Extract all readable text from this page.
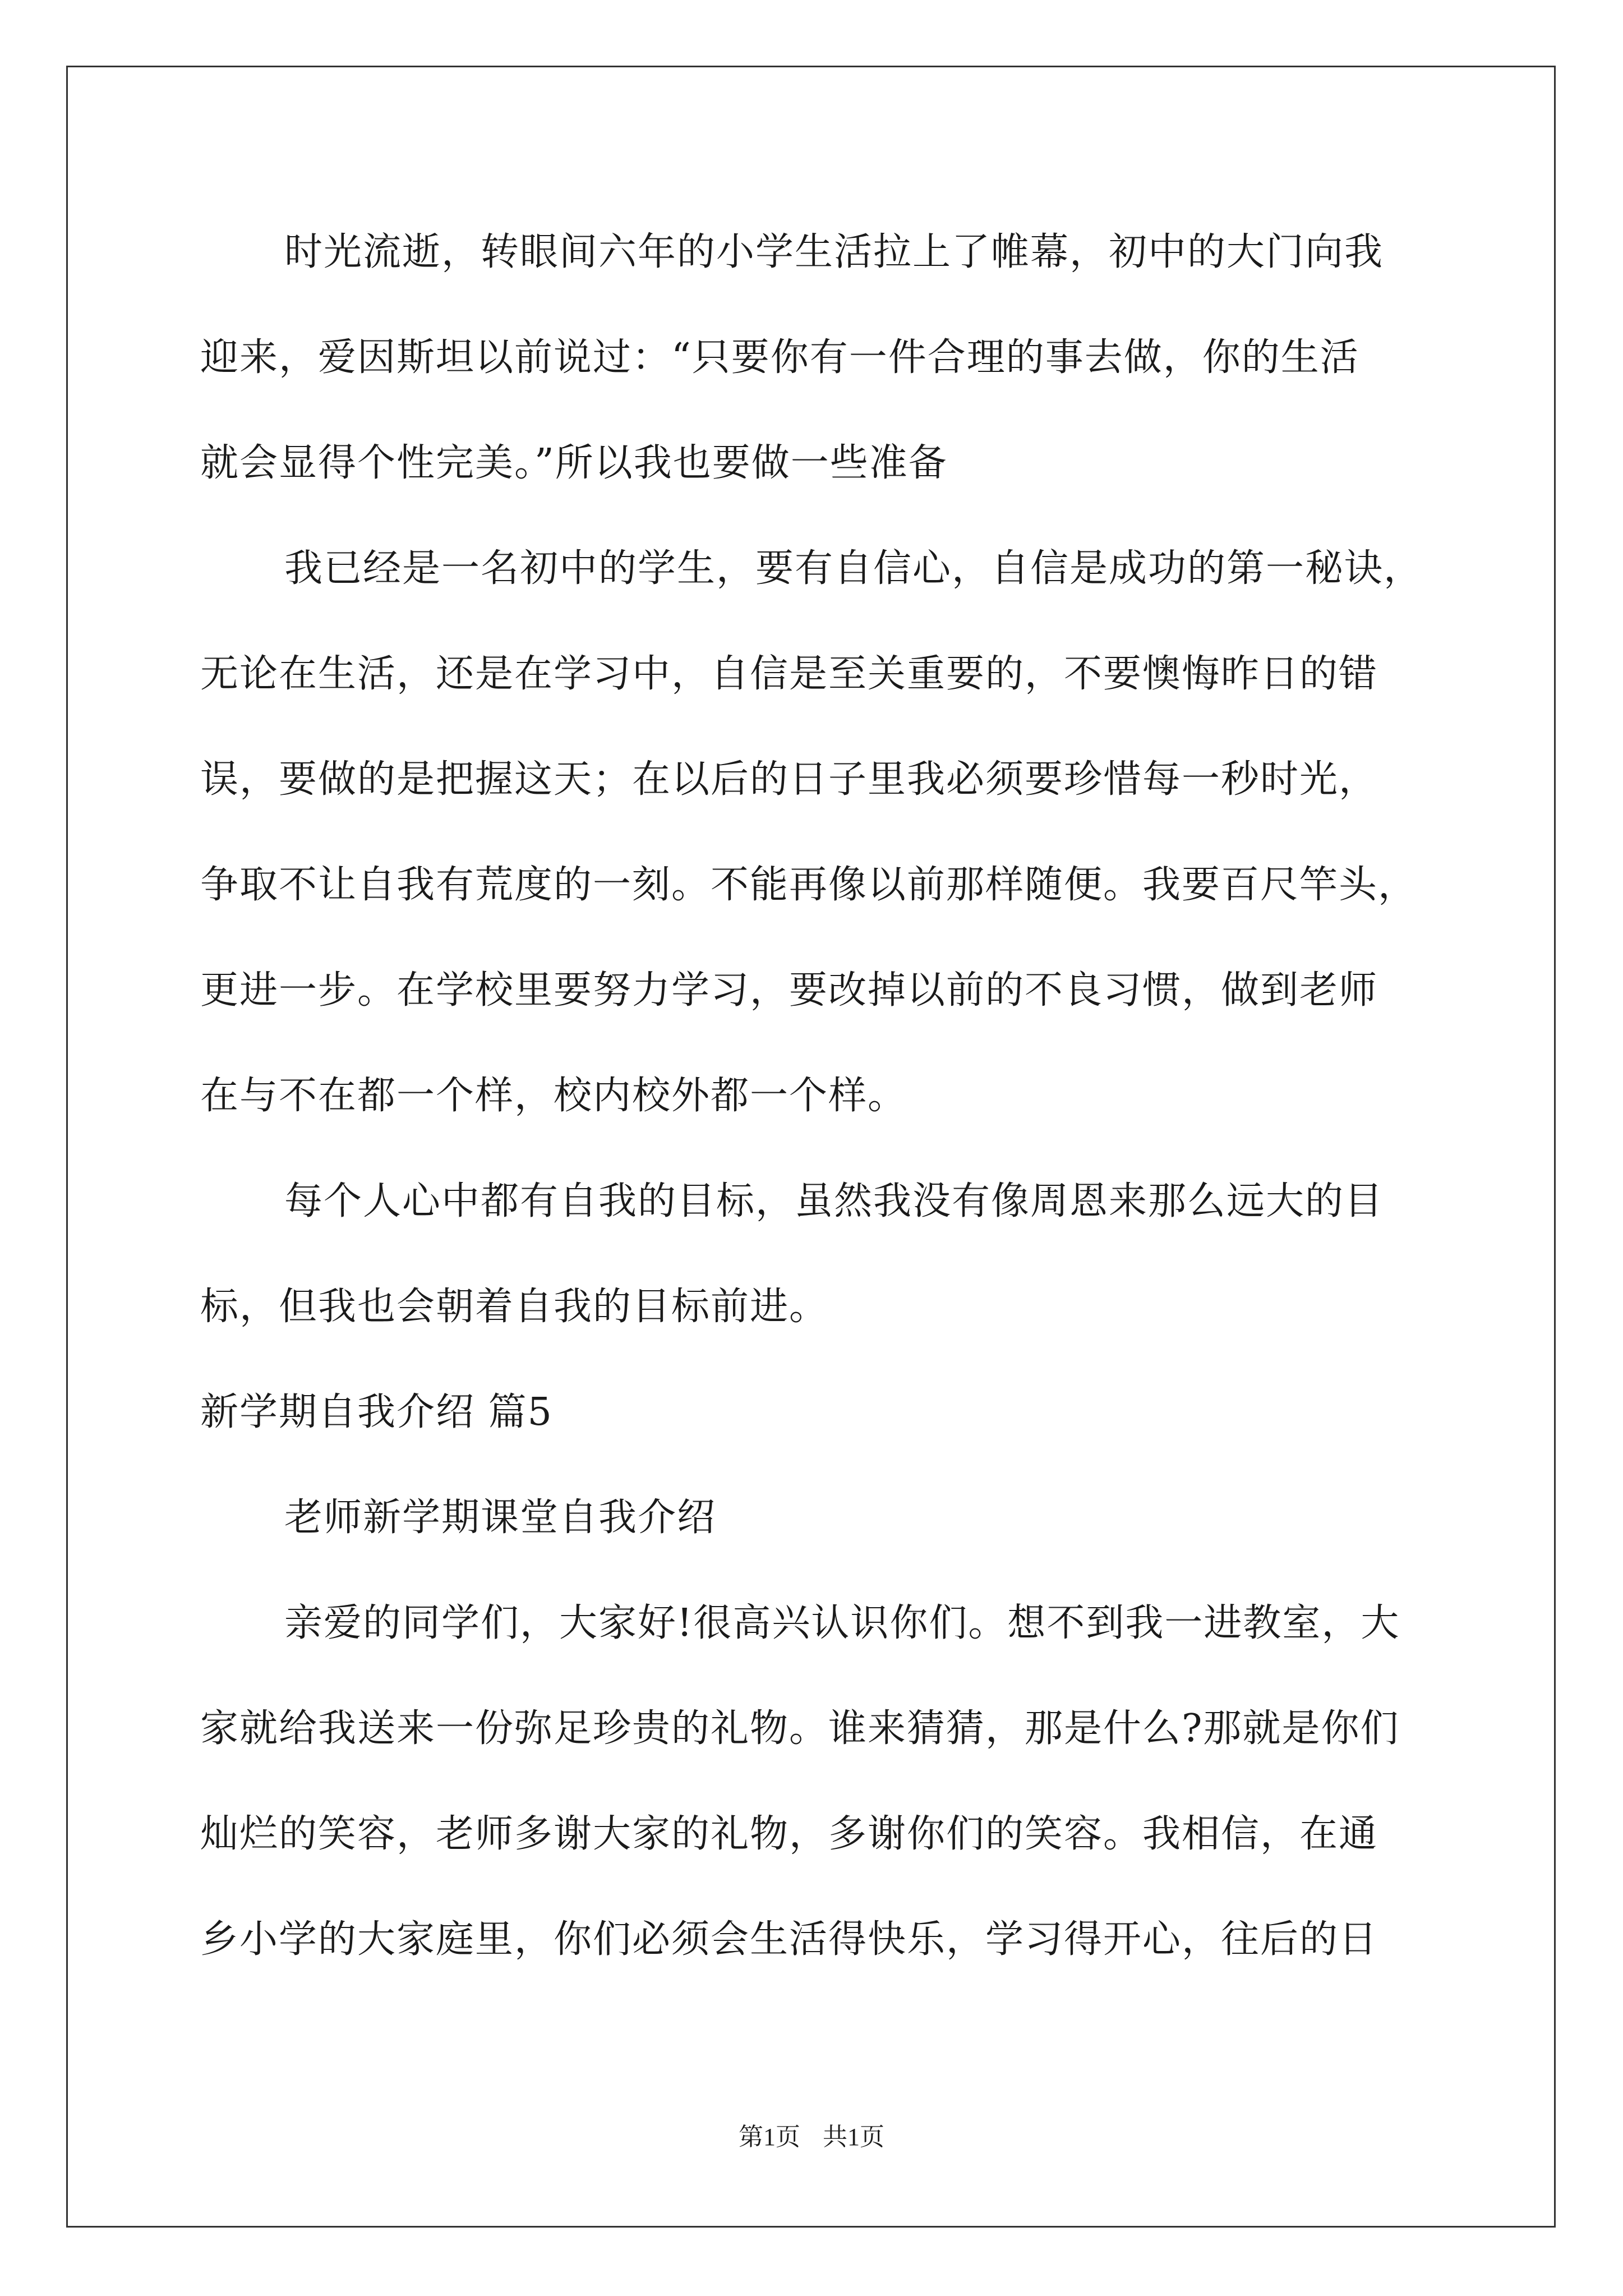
时光流逝，转眼间六年的小学生活拉上了帷幕，初中的大门向我
迎来，爱因斯坦以前说过：“只要你有一件合理的事去做，你的生活
就会显得个性完美。”所以我也要做一些准备
我已经是一名初中的学生，要有自信心，自信是成功的第一秘诀，
无论在生活，还是在学习中，自信是至关重要的，不要懊悔昨日的错
误，要做的是把握这天；在以后的日子里我必须要珍惜每一秒时光，
争取不让自我有荒度的一刻。不能再像以前那样随便。我要百尺竿头，
更进一步。在学校里要努力学习，要改掉以前的不良习惯，做到老师
在与不在都一个样，校内校外都一个样。
每个人心中都有自我的目标，虽然我没有像周恩来那么远大的目
标，但我也会朝着自我的目标前进。
新学期自我介绍 篇5
老师新学期课堂自我介绍
亲爱的同学们，大家好!很高兴认识你们。想不到我一进教室，大
家就给我送来一份弥足珍贵的礼物。谁来猜猜，那是什么?那就是你们
灿烂的笑容，老师多谢大家的礼物，多谢你们的笑容。我相信，在通
乡小学的大家庭里，你们必须会生活得快乐，学习得开心，往后的日
第1页 共1页
